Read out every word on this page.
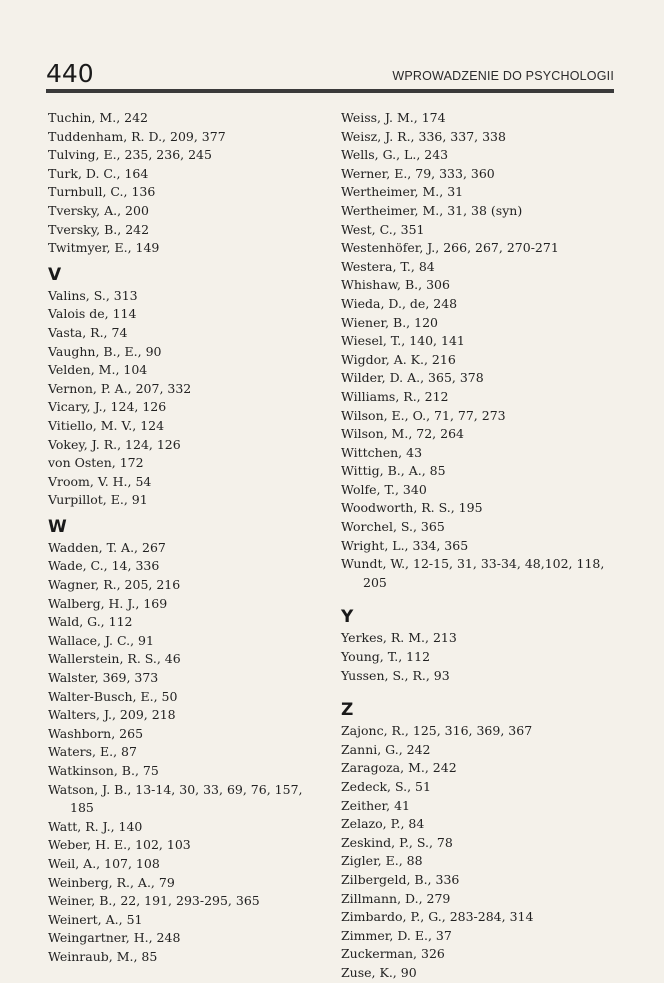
440	WPROWADZENIE DO PSYCHOLOGII
Tuchin, M., 242
Tuddenham, R. D., 209, 377
Tulving, E., 235, 236, 245
Turk, D. C., 164
Turnbull, C., 136
Tversky, A., 200
Tversky, B., 242
Twitmyer, E., 149
V
Valins, S., 313
Valois de, 114
Vasta, R., 74
Vaughn, B., E., 90
Velden, M., 104
Vernon, P. A., 207, 332
Vicary, J., 124, 126
Vitiello, M. V., 124
Vokey, J. R., 124, 126
von Osten, 172
Vroom, V. H., 54
Vurpillot, E., 91
W
Wadden, T. A., 267
Wade, C., 14, 336
Wagner, R., 205, 216
Walberg, H. J., 169
Wald, G., 112
Wallace, J. C., 91
Wallerstein, R. S., 46
Walster, 369, 373
Walter-Busch, E., 50
Walters, J., 209, 218
Washborn, 265
Waters, E., 87
Watkinson, B., 75
Watson, J. B., 13-14, 30, 33, 69, 76, 157, 185
Watt, R. J., 140
Weber, H. E., 102, 103
Weil, A., 107, 108
Weinberg, R., A., 79
Weiner, B., 22, 191, 293-295, 365
Weinert, A., 51
Weingartner, H., 248
Weinraub, M., 85
Weiss, J. M., 174
Weisz, J. R., 336, 337, 338
Wells, G., L., 243
Werner, E., 79, 333, 360
Wertheimer, M., 31
Wertheimer, M., 31, 38 (syn)
West, C., 351
Westenhöfer, J., 266, 267, 270-271
Westera, T., 84
Whishaw, B., 306
Wieda, D., de, 248
Wiener, B., 120
Wiesel, T., 140, 141
Wigdor, A. K., 216
Wilder, D. A., 365, 378
Williams, R., 212
Wilson, E., O., 71, 77, 273
Wilson, M., 72, 264
Wittchen, 43
Wittig, B., A., 85
Wolfe, T., 340
Woodworth, R. S., 195
Worchel, S., 365
Wright, L., 334, 365
Wundt, W., 12-15, 31, 33-34, 48,102, 118, 205
Y
Yerkes, R. M., 213
Young, T., 112
Yussen, S., R., 93
Z
Zajonc, R., 125, 316, 369, 367
Zanni, G., 242
Zaragoza, M., 242
Zedeck, S., 51
Zeither, 41
Zelazo, P., 84
Zeskind, P., S., 78
Zigler, E., 88
Zilbergeld, B., 336
Zillmann, D., 279
Zimbardo, P., G., 283-284, 314
Zimmer, D. E., 37
Zuckerman, 326
Zuse, K., 90
